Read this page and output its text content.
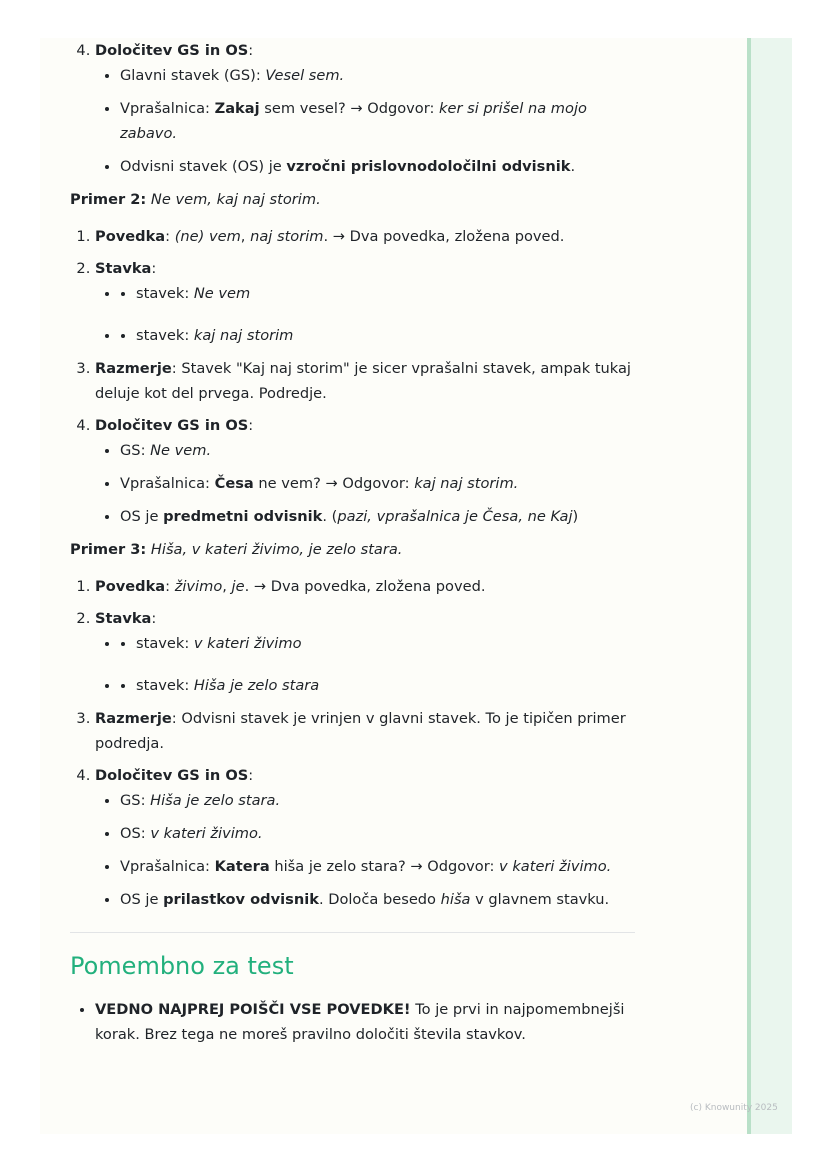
4. Določitev GS in OS:
• Glavni stavek (GS): Vesel sem.
• Vprašalnica: Zakaj sem vesel? → Odgovor: ker si prišel na mojo zabavo.
• Odvisni stavek (OS) je vzročni prislovnodoločilni odvisnik.
Primer 2: Ne vem, kaj naj storim.
1. Povedka: (ne) vem, naj storim. → Dva povedka, zložena poved.
2. Stavka:
• • stavek: Ne vem
• • stavek: kaj naj storim
3. Razmerje: Stavek "Kaj naj storim" je sicer vprašalni stavek, ampak tukaj deluje kot del prvega. Podredje.
4. Določitev GS in OS:
• GS: Ne vem.
• Vprašalnica: Česa ne vem? → Odgovor: kaj naj storim.
• OS je predmetni odvisnik. (pazi, vprašalnica je Česa, ne Kaj)
Primer 3: Hiša, v kateri živimo, je zelo stara.
1. Povedka: živimo, je. → Dva povedka, zložena poved.
2. Stavka:
• • stavek: v kateri živimo
• • stavek: Hiša je zelo stara
3. Razmerje: Odvisni stavek je vrinjen v glavni stavek. To je tipičen primer podredja.
4. Določitev GS in OS:
• GS: Hiša je zelo stara.
• OS: v kateri živimo.
• Vprašalnica: Katera hiša je zelo stara? → Odgovor: v kateri živimo.
• OS je prilastkov odvisnik. Določa besedo hiša v glavnem stavku.
Pomembno za test
• VEDNO NAJPREJ POIŠČI VSE POVEDKE! To je prvi in najpomembnejši korak. Brez tega ne moreš pravilno določiti števila stavkov.
(c) Knowunity 2025
